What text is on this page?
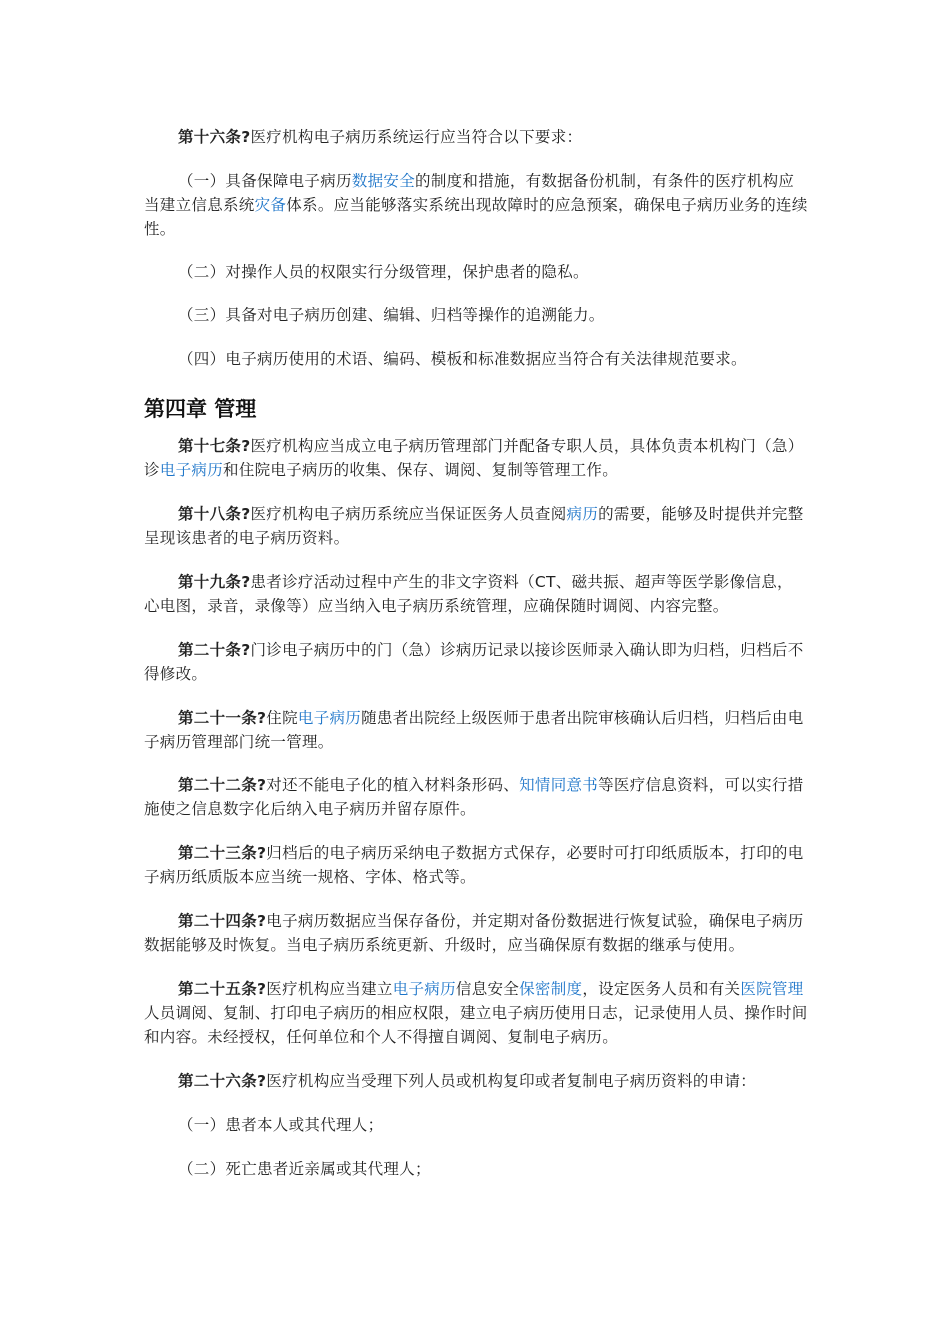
第十六条?医疗机构电子病历系统运行应当符合以下要求：

（一）具备保障电子病历数据安全的制度和措施，有数据备份机制，有条件的医疗机构应当建立信息系统灾备体系。应当能够落实系统出现故障时的应急预案，确保电子病历业务的连续性。

（二）对操作人员的权限实行分级管理，保护患者的隐私。

（三）具备对电子病历创建、编辑、归档等操作的追溯能力。

（四）电子病历使用的术语、编码、模板和标准数据应当符合有关法律规范要求。

第四章 管理

第十七条?医疗机构应当成立电子病历管理部门并配备专职人员，具体负责本机构门（急）诊电子病历和住院电子病历的收集、保存、调阅、复制等管理工作。

第十八条?医疗机构电子病历系统应当保证医务人员查阅病历的需要，能够及时提供并完整呈现该患者的电子病历资料。

第十九条?患者诊疗活动过程中产生的非文字资料（CT、磁共振、超声等医学影像信息，心电图，录音，录像等）应当纳入电子病历系统管理，应确保随时调阅、内容完整。

第二十条?门诊电子病历中的门（急）诊病历记录以接诊医师录入确认即为归档，归档后不得修改。

第二十一条?住院电子病历随患者出院经上级医师于患者出院审核确认后归档，归档后由电子病历管理部门统一管理。

第二十二条?对还不能电子化的植入材料条形码、知情同意书等医疗信息资料，可以实行措施使之信息数字化后纳入电子病历并留存原件。

第二十三条?归档后的电子病历采纳电子数据方式保存，必要时可打印纸质版本，打印的电子病历纸质版本应当统一规格、字体、格式等。

第二十四条?电子病历数据应当保存备份，并定期对备份数据进行恢复试验，确保电子病历数据能够及时恢复。当电子病历系统更新、升级时，应当确保原有数据的继承与使用。

第二十五条?医疗机构应当建立电子病历信息安全保密制度，设定医务人员和有关医院管理人员调阅、复制、打印电子病历的相应权限，建立电子病历使用日志，记录使用人员、操作时间和内容。未经授权，任何单位和个人不得擅自调阅、复制电子病历。

第二十六条?医疗机构应当受理下列人员或机构复印或者复制电子病历资料的申请：

（一）患者本人或其代理人；

（二）死亡患者近亲属或其代理人；
